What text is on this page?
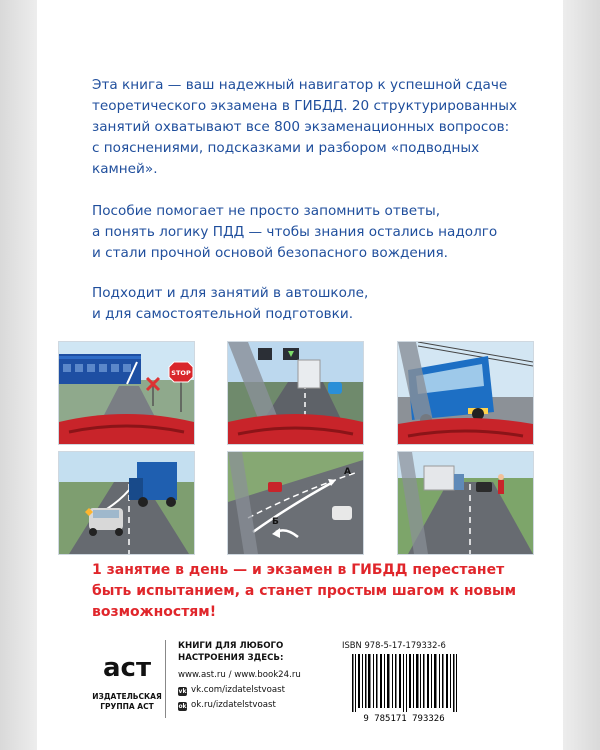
Эта книга — ваш надежный навигатор к успешной сдаче
теоретического экзамена в ГИБДД. 20 структурированных
занятий охватывают все 800 экзаменационных вопросов:
с пояснениями, подсказками и разбором «подводных
камней».
Пособие помогает не просто запомнить ответы,
а понять логику ПДД — чтобы знания остались надолго
и стали прочной основой безопасного вождения.
Подходит и для занятий в автошколе,
и для самостоятельной подготовки.
STOP
А
Б
1 занятие в день — и экзамен в ГИБДД перестанет
быть испытанием, а станет простым шагом к новым
возможностям!
аст
ИЗДАТЕЛЬСКАЯ
ГРУППА АСТ
КНИГИ ДЛЯ ЛЮБОГО
НАСТРОЕНИЯ ЗДЕСЬ:
www.ast.ru / www.book24.ru
vk vk.com/izdatelstvoast
ok ok.ru/izdatelstvoast
ISBN 978-5-17-179332-6
9 785171 793326
